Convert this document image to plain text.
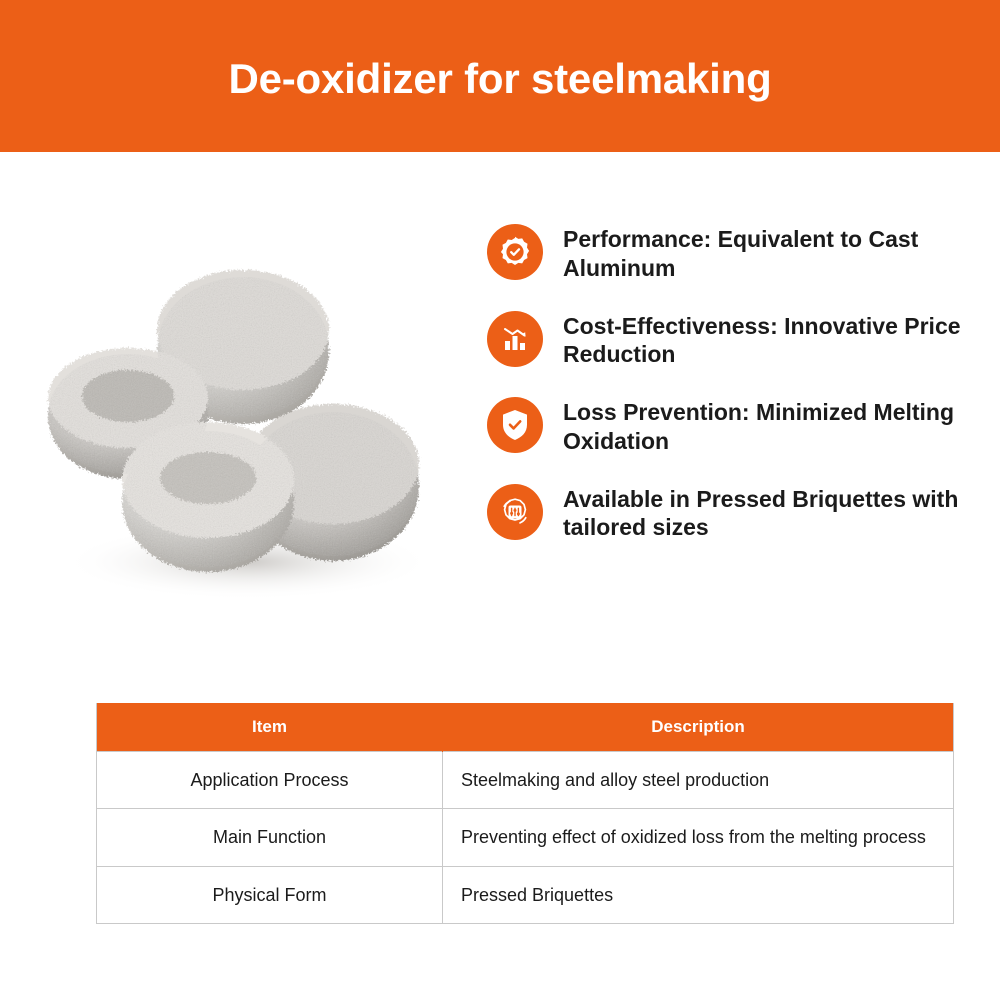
De-oxidizer for steelmaking
Performance: Equivalent to Cast Aluminum
Cost-Effectiveness: Innovative Price Reduction
Loss Prevention: Minimized Melting Oxidation
Available in Pressed Briquettes with tailored sizes
Item	Description
Application Process	Steelmaking and alloy steel production
Main Function	Preventing effect of oxidized loss from the melting process
Physical Form	Pressed Briquettes
